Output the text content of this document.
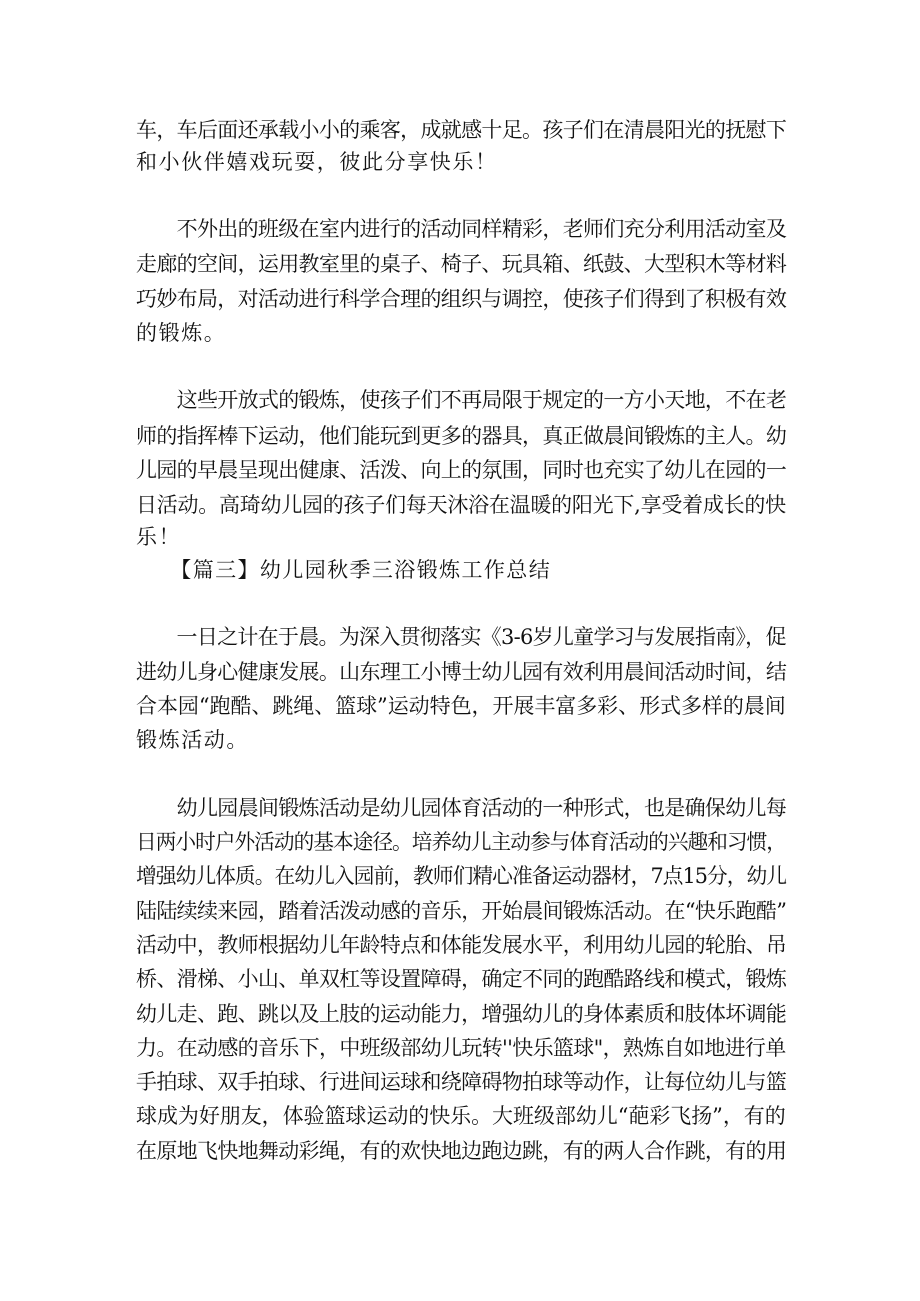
车，车后面还承载小小的乘客，成就感十足。孩子们在清晨阳光的抚慰下
和小伙伴嬉戏玩耍，彼此分享快乐！
　　不外出的班级在室内进行的活动同样精彩，老师们充分利用活动室及
走廊的空间，运用教室里的桌子、椅子、玩具箱、纸鼓、大型积木等材料
巧妙布局，对活动进行科学合理的组织与调控，使孩子们得到了积极有效
的锻炼。
　　这些开放式的锻炼，使孩子们不再局限于规定的一方小天地，不在老
师的指挥棒下运动，他们能玩到更多的器具，真正做晨间锻炼的主人。幼
儿园的早晨呈现出健康、活泼、向上的氛围，同时也充实了幼儿在园的一
日活动。高琦幼儿园的孩子们每天沐浴在温暖的阳光下,享受着成长的快
乐！
　　【篇三】幼儿园秋季三浴锻炼工作总结
　　一日之计在于晨。为深入贯彻落实《3-6岁儿童学习与发展指南》，促
进幼儿身心健康发展。山东理工小博士幼儿园有效利用晨间活动时间，结
合本园“跑酷、跳绳、篮球”运动特色，开展丰富多彩、形式多样的晨间
锻炼活动。
　　幼儿园晨间锻炼活动是幼儿园体育活动的一种形式，也是确保幼儿每
日两小时户外活动的基本途径。培养幼儿主动参与体育活动的兴趣和习惯，
增强幼儿体质。在幼儿入园前，教师们精心准备运动器材，7点15分，幼儿
陆陆续续来园，踏着活泼动感的音乐，开始晨间锻炼活动。在“快乐跑酷”
活动中，教师根据幼儿年龄特点和体能发展水平，利用幼儿园的轮胎、吊
桥、滑梯、小山、单双杠等设置障碍，确定不同的跑酷路线和模式，锻炼
幼儿走、跑、跳以及上肢的运动能力，增强幼儿的身体素质和肢体坏调能
力。在动感的音乐下，中班级部幼儿玩转''快乐篮球"，熟炼自如地进行单
手拍球、双手拍球、行进间运球和绕障碍物拍球等动作，让每位幼儿与篮
球成为好朋友，体验篮球运动的快乐。大班级部幼儿“葩彩飞扬”，有的
在原地飞快地舞动彩绳，有的欢快地边跑边跳，有的两人合作跳，有的用
